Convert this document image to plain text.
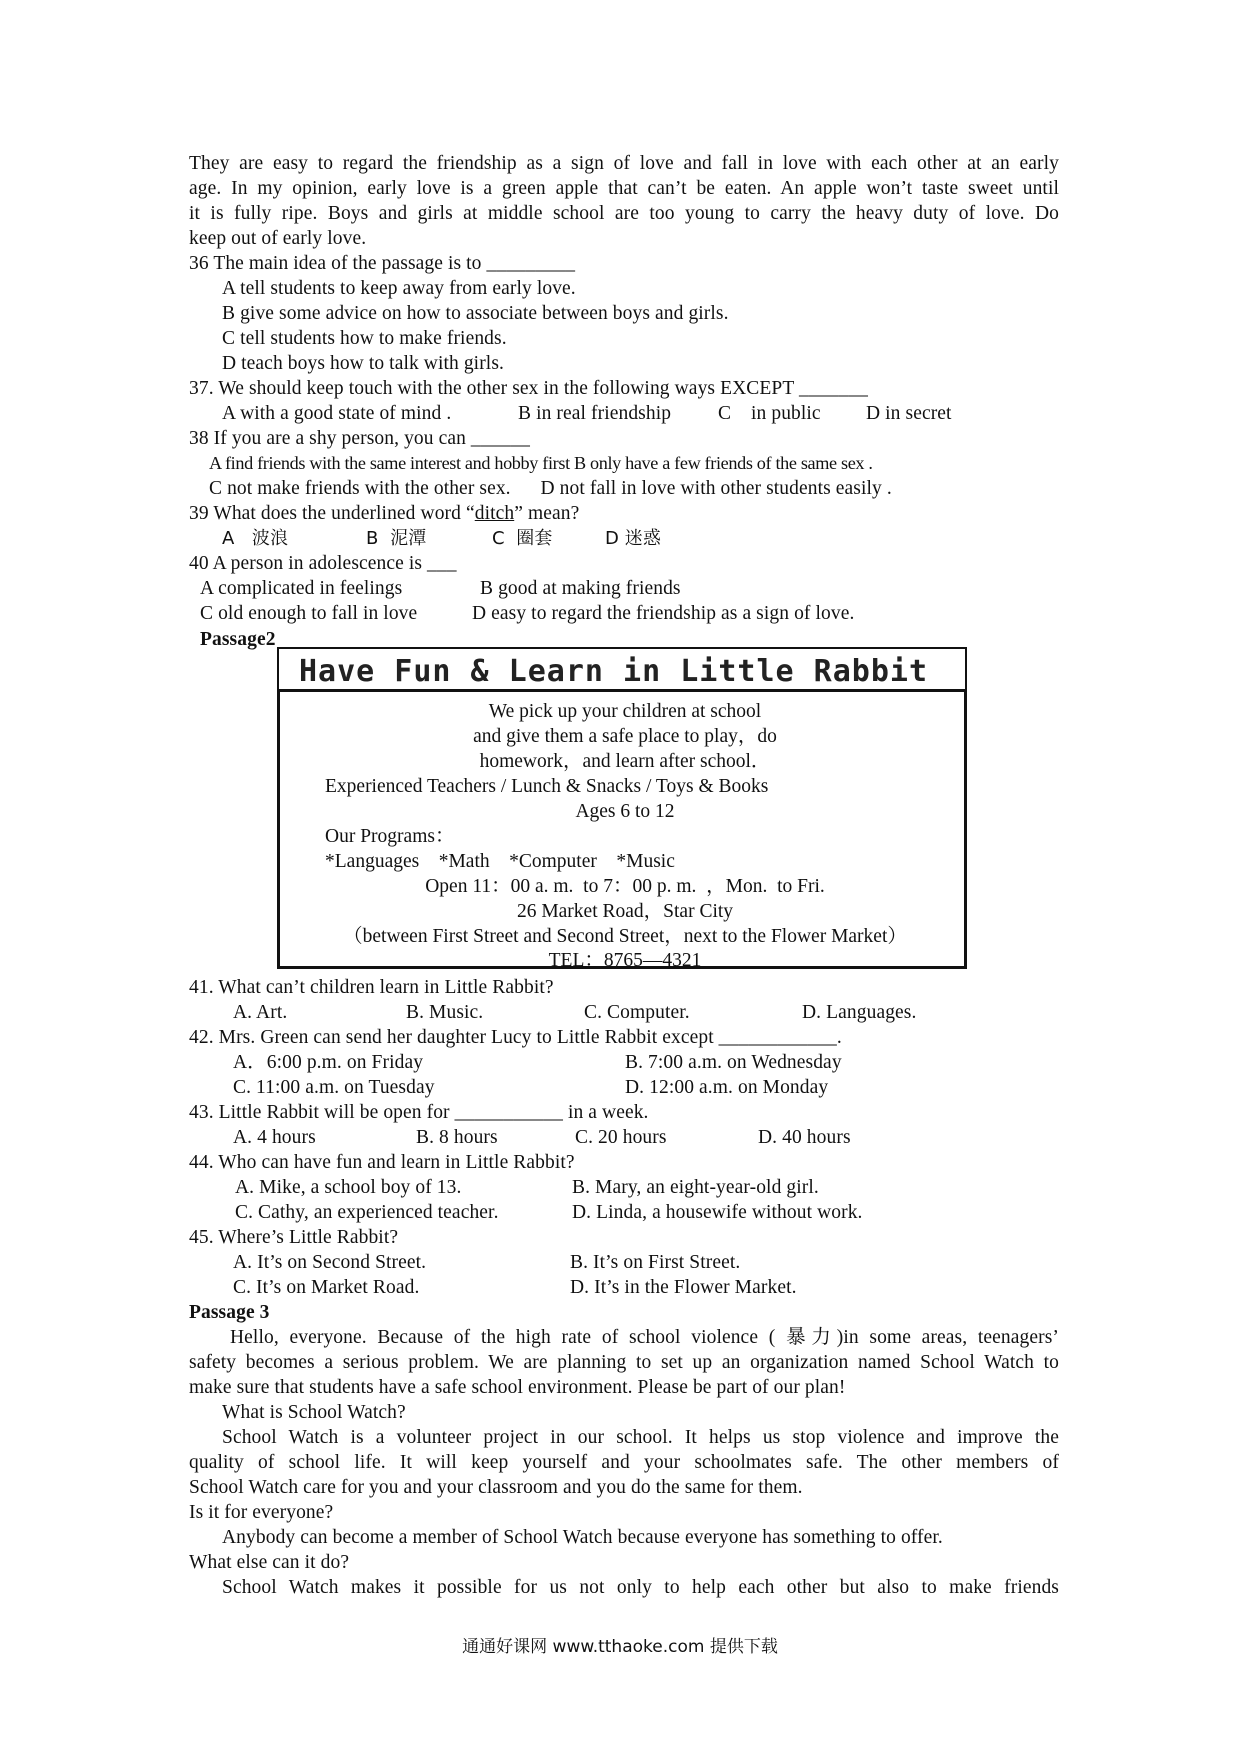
They are easy to regard the friendship as a sign of love and fall in love with each other at an early
age. In my opinion, early love is a green apple that can’t be eaten. An apple won’t taste sweet until
it is fully ripe. Boys and girls at middle school are too young to carry the heavy duty of love. Do
keep out of early love.
36 The main idea of the passage is to _________
A tell students to keep away from early love.
B give some advice on how to associate between boys and girls.
C tell students how to make friends.
D teach boys how to talk with girls.
37. We should keep touch with the other sex in the following ways EXCEPT _______
A with a good state of mind .	B in real friendship C    in public D in secret
38 If you are a shy person, you can ______
A find friends with the same interest and hobby first B only have a few friends of the same sex .
C not make friends with the other sex.      D not fall in love with other students easily .
39 What does the underlined word “ditch” mean?
A   波浪	B  泥潭	C  圈套	D 迷惑
40 A person in adolescence is ___
A complicated in feelings	B good at making friends
C old enough to fall in love	D easy to regard the friendship as a sign of love.
Passage2
Have Fun & Learn in Little Rabbit
We pick up your children at school
and give them a safe place to play，do
homework，and learn after school．
Experienced Teachers / Lunch & Snacks / Toys & Books
Ages 6 to 12
Our Programs：
*Languages    *Math    *Computer    *Music
Open 11：00 a. m.  to 7：00 p. m.  ，Mon.  to Fri.
26 Market Road，Star City
（between First Street and Second Street，next to the Flower Market）
TEL：8765—4321
41. What can’t children learn in Little Rabbit?
A. Art.	B. Music.	C. Computer.	D. Languages.
42. Mrs. Green can send her daughter Lucy to Little Rabbit except ____________.
A．6:00 p.m. on Friday	B. 7:00 a.m. on Wednesday
C. 11:00 a.m. on Tuesday	D. 12:00 a.m. on Monday
43. Little Rabbit will be open for ___________ in a week.
A. 4 hours	B. 8 hours	C. 20 hours	D. 40 hours
44. Who can have fun and learn in Little Rabbit?
A. Mike, a school boy of 13.	B. Mary, an eight-year-old girl.
C. Cathy, an experienced teacher.	D. Linda, a housewife without work.
45. Where’s Little Rabbit?
A. It’s on Second Street.	B. It’s on First Street.
C. It’s on Market Road.	D. It’s in the Flower Market.
Passage 3
Hello, everyone. Because of the high rate of school violence ( 暴力)in some areas, teenagers’
safety becomes a serious problem. We are planning to set up an organization named School Watch to
make sure that students have a safe school environment. Please be part of our plan!
What is School Watch?
School Watch is a volunteer project in our school. It helps us stop violence and improve the
quality of school life. It will keep yourself and your schoolmates safe. The other members of
School Watch care for you and your classroom and you do the same for them.
Is it for everyone?
Anybody can become a member of School Watch because everyone has something to offer.
What else can it do?
School Watch makes it possible for us not only to help each other but also to make friends
通通好课网 www.tthaoke.com 提供下载
